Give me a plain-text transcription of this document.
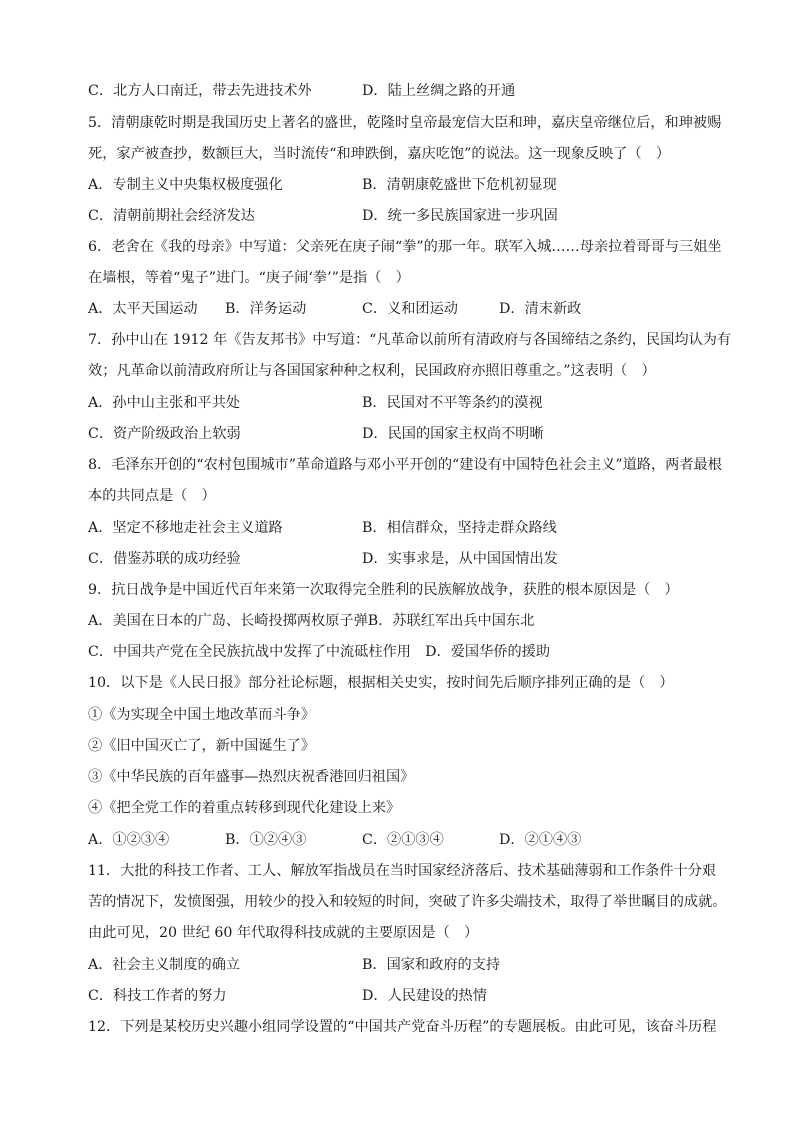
C．北方人口南迁，带去先进技术外	D．陆上丝绸之路的开通
5．清朝康乾时期是我国历史上著名的盛世，乾隆时皇帝最宠信大臣和珅，嘉庆皇帝继位后，和珅被赐
死，家产被查抄，数额巨大，当时流传“和珅跌倒，嘉庆吃饱”的说法。这一现象反映了（　）
A．专制主义中央集权极度强化	B．清朝康乾盛世下危机初显现
C．清朝前期社会经济发达	D．统一多民族国家进一步巩固
6．老舍在《我的母亲》中写道：父亲死在庚子闹“拳”的那一年。联军入城……母亲拉着哥哥与三姐坐
在墙根，等着“鬼子”进门。“庚子闹‘拳’”是指（　）
A．太平天国运动 B．洋务运动	C．义和团运动	D．清末新政
7．孙中山在 1912 年《告友邦书》中写道：“凡革命以前所有清政府与各国缔结之条约，民国均认为有
效；凡革命以前清政府所让与各国国家种种之权利，民国政府亦照旧尊重之。”这表明（　）
A．孙中山主张和平共处	B．民国对不平等条约的漠视
C．资产阶级政治上软弱	D．民国的国家主权尚不明晰
8．毛泽东开创的“农村包围城市”革命道路与邓小平开创的“建设有中国特色社会主义”道路，两者最根
本的共同点是（　）
A．坚定不移地走社会主义道路	B．相信群众，坚持走群众路线
C．借鉴苏联的成功经验	D．实事求是，从中国国情出发
9．抗日战争是中国近代百年来第一次取得完全胜利的民族解放战争，获胜的根本原因是（　）
A．美国在日本的广岛、长崎投掷两枚原子弹B．苏联红军出兵中国东北
C．中国共产党在全民族抗战中发挥了中流砥柱作用　D．爱国华侨的援助
10．以下是《人民日报》部分社论标题，根据相关史实，按时间先后顺序排列正确的是（　）
①《为实现全中国土地改革而斗争》
②《旧中国灭亡了，新中国诞生了》
③《中华民族的百年盛事—热烈庆祝香港回归祖国》
④《把全党工作的着重点转移到现代化建设上来》
A．①②③④	B．①②④③	C．②①③④	D．②①④③
11．大批的科技工作者、工人、解放军指战员在当时国家经济落后、技术基础薄弱和工作条件十分艰
苦的情况下，发愤图强，用较少的投入和较短的时间，突破了许多尖端技术，取得了举世瞩目的成就。
由此可见，20 世纪 60 年代取得科技成就的主要原因是（　）
A．社会主义制度的确立	B．国家和政府的支持
C．科技工作者的努力	D．人民建设的热情
12．下列是某校历史兴趣小组同学设置的“中国共产党奋斗历程”的专题展板。由此可见，该奋斗历程
